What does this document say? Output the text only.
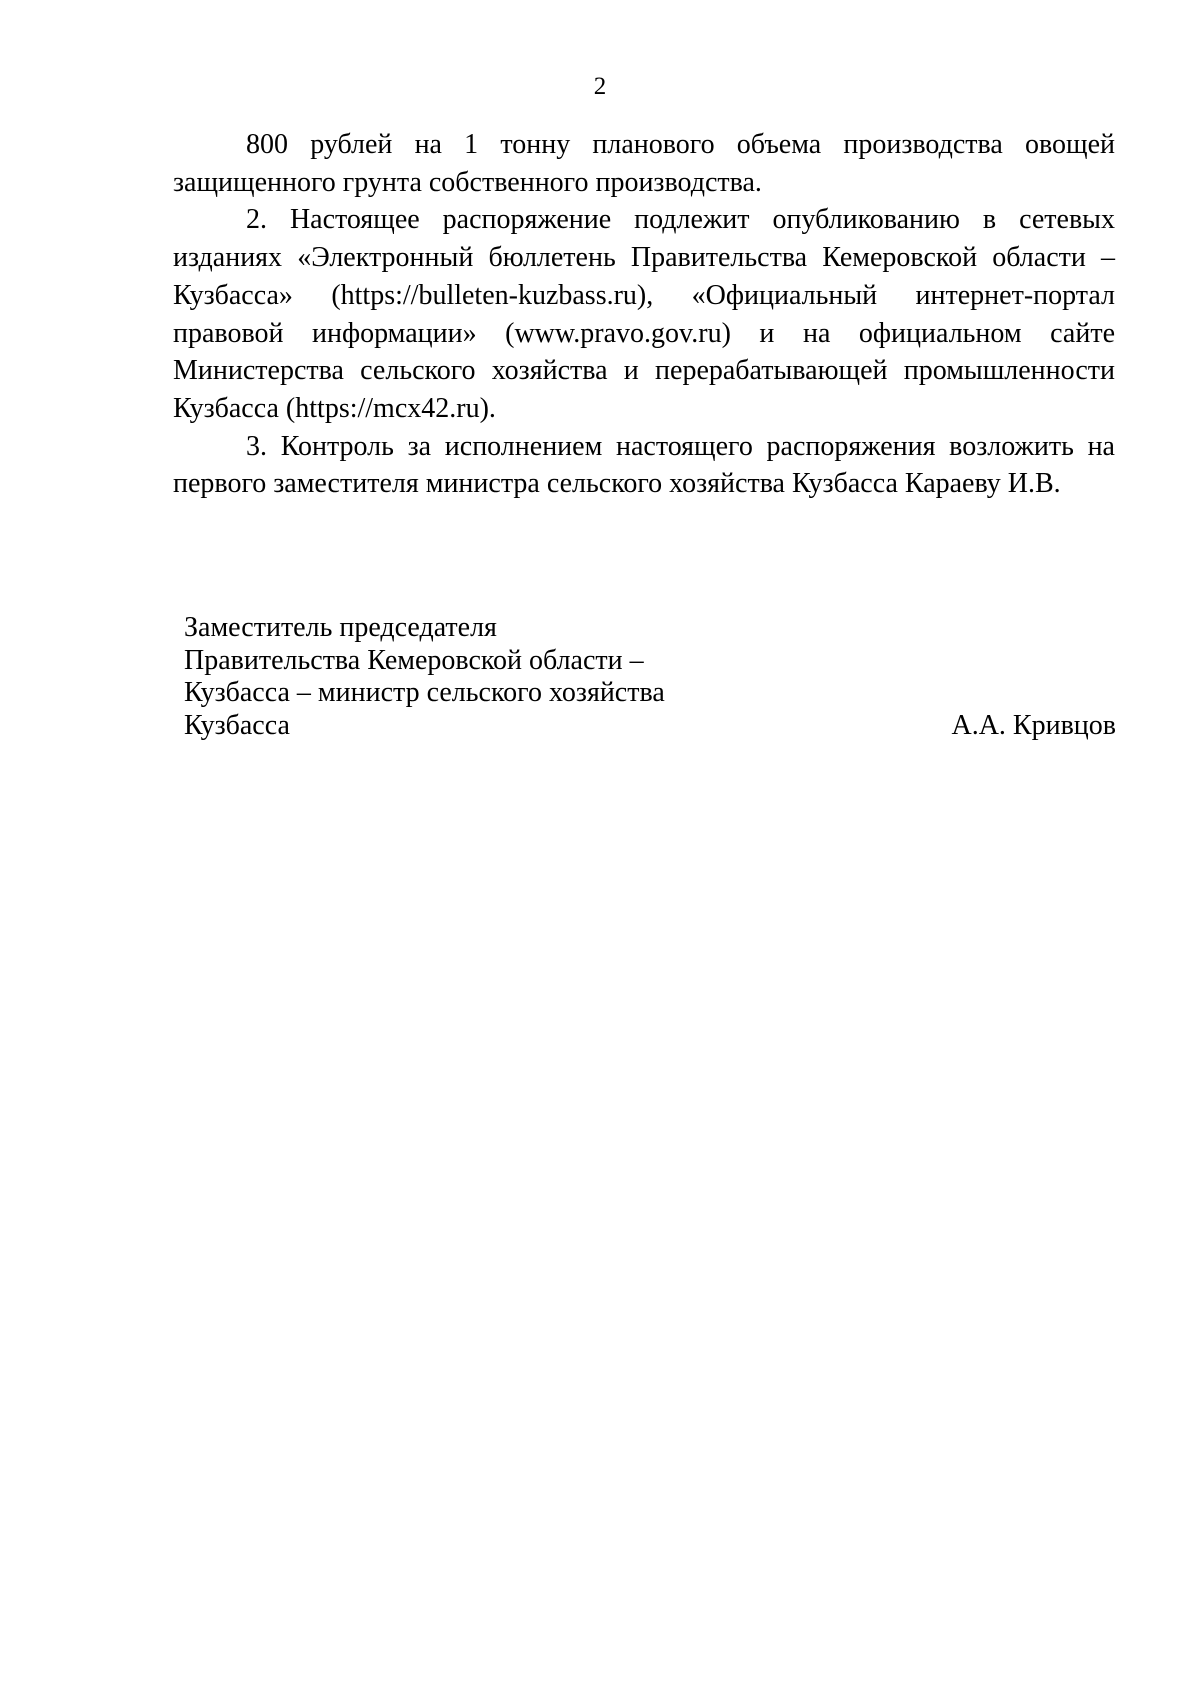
2

800 рублей на 1 тонну планового объема производства овощей защищенного грунта собственного производства.

2. Настоящее распоряжение подлежит опубликованию в сетевых изданиях «Электронный бюллетень Правительства Кемеровской области – Кузбасса» (https://bulleten-kuzbass.ru), «Официальный интернет-портал правовой информации» (www.pravo.gov.ru) и на официальном сайте Министерства сельского хозяйства и перерабатывающей промышленности Кузбасса (https://mcx42.ru).

3. Контроль за исполнением настоящего распоряжения возложить на первого заместителя министра сельского хозяйства Кузбасса Караеву И.В.

Заместитель председателя
Правительства Кемеровской области –
Кузбасса – министр сельского хозяйства
Кузбасса	А.А. Кривцов
